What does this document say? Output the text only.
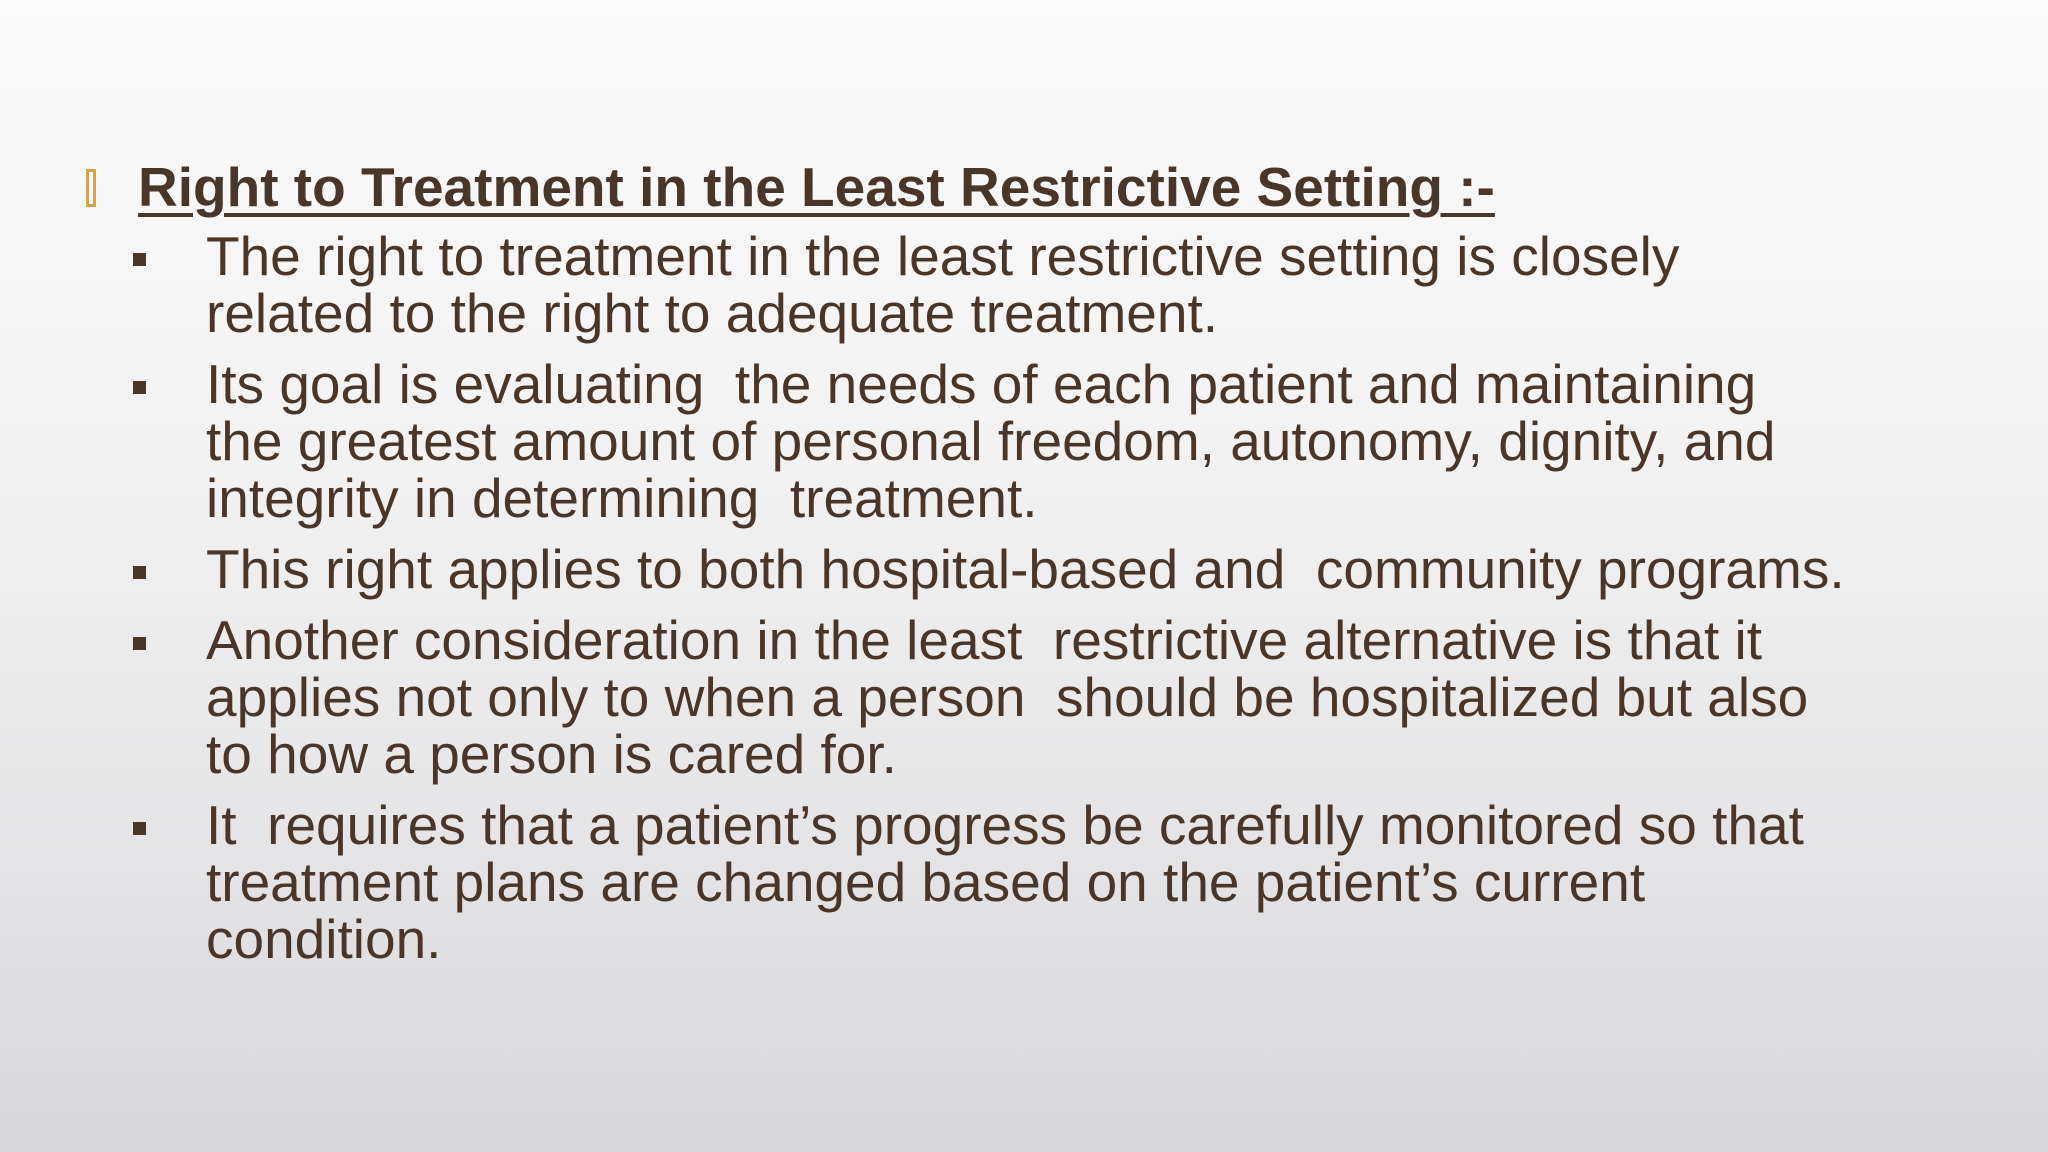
Right to Treatment in the Least Restrictive Setting :-
The right to treatment in the least restrictive setting is closely
related to the right to adequate treatment.
Its goal is evaluating  the needs of each patient and maintaining
the greatest amount of personal freedom, autonomy, dignity, and
integrity in determining  treatment.
This right applies to both hospital-based and  community programs.
Another consideration in the least  restrictive alternative is that it
applies not only to when a person  should be hospitalized but also
to how a person is cared for.
It  requires that a patient’s progress be carefully monitored so that
treatment plans are changed based on the patient’s current
condition.
